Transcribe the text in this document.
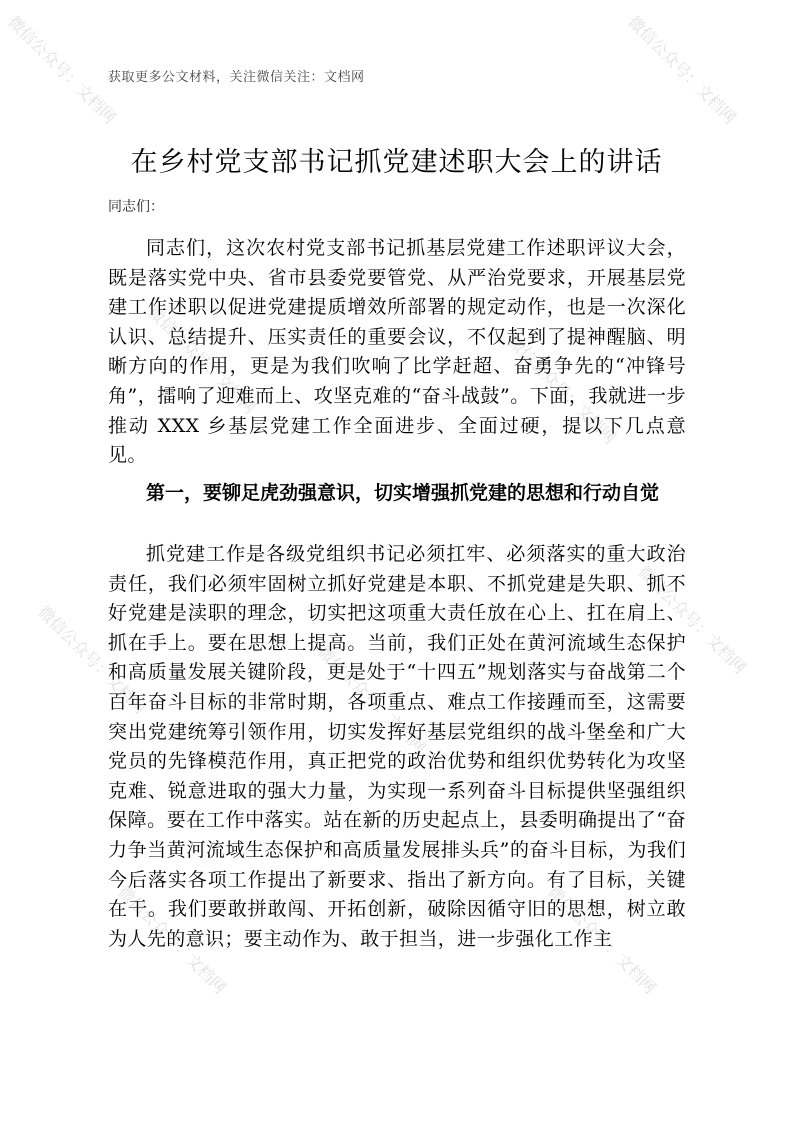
微信公众号：文档网	微信公众号：文档网
微信公众号：文档网	微信公众号：文档网
微信公众号：文档网	微信公众号：文档网
微信公众号：文档网
微信公众号：文档网	微信公众号：文档网
获取更多公文材料，关注微信关注：文档网
在乡村党支部书记抓党建述职大会上的讲话
同志们：

同志们，这次农村党支部书记抓基层党建工作述职评议大会，既是落实党中央、省市县委党要管党、从严治党要求，开展基层党建工作述职以促进党建提质增效所部署的规定动作，也是一次深化认识、总结提升、压实责任的重要会议，不仅起到了提神醒脑、明晰方向的作用，更是为我们吹响了比学赶超、奋勇争先的“冲锋号角”，擂响了迎难而上、攻坚克难的“奋斗战鼓”。下面，我就进一步推动 XXX 乡基层党建工作全面进步、全面过硬，提以下几点意见。

第一，要铆足虎劲强意识，切实增强抓党建的思想和行动自觉

抓党建工作是各级党组织书记必须扛牢、必须落实的重大政治责任，我们必须牢固树立抓好党建是本职、不抓党建是失职、抓不好党建是渎职的理念，切实把这项重大责任放在心上、扛在肩上、抓在手上。要在思想上提高。当前，我们正处在黄河流域生态保护和高质量发展关键阶段，更是处于“十四五”规划落实与奋战第二个百年奋斗目标的非常时期，各项重点、难点工作接踵而至，这需要突出党建统筹引领作用，切实发挥好基层党组织的战斗堡垒和广大党员的先锋模范作用，真正把党的政治优势和组织优势转化为攻坚克难、锐意进取的强大力量，为实现一系列奋斗目标提供坚强组织保障。要在工作中落实。站在新的历史起点上，县委明确提出了“奋力争当黄河流域生态保护和高质量发展排头兵”的奋斗目标，为我们今后落实各项工作提出了新要求、指出了新方向。有了目标，关键在干。我们要敢拼敢闯、开拓创新，破除因循守旧的思想，树立敢为人先的意识；要主动作为、敢于担当，进一步强化工作主
